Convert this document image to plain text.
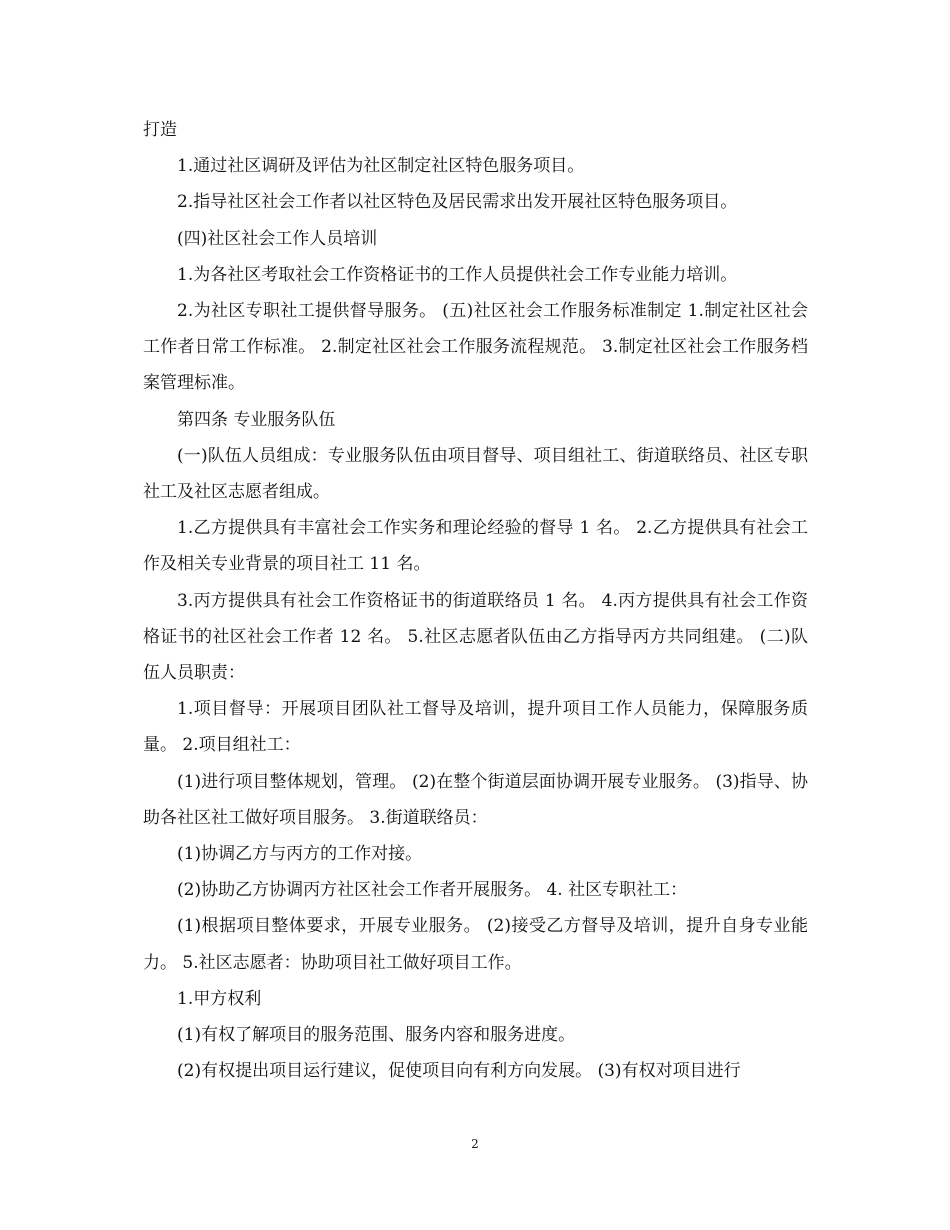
打造

1.通过社区调研及评估为社区制定社区特色服务项目。

2.指导社区社会工作者以社区特色及居民需求出发开展社区特色服务项目。

(四)社区社会工作人员培训

1.为各社区考取社会工作资格证书的工作人员提供社会工作专业能力培训。

2.为社区专职社工提供督导服务。 (五)社区社会工作服务标准制定 1.制定社区社会工作者日常工作标准。 2.制定社区社会工作服务流程规范。 3.制定社区社会工作服务档案管理标准。

第四条 专业服务队伍

(一)队伍人员组成：专业服务队伍由项目督导、项目组社工、街道联络员、社区专职社工及社区志愿者组成。

1.乙方提供具有丰富社会工作实务和理论经验的督导 1 名。 2.乙方提供具有社会工作及相关专业背景的项目社工 11 名。

3.丙方提供具有社会工作资格证书的街道联络员 1 名。 4.丙方提供具有社会工作资格证书的社区社会工作者 12 名。 5.社区志愿者队伍由乙方指导丙方共同组建。 (二)队伍人员职责：

1.项目督导：开展项目团队社工督导及培训，提升项目工作人员能力，保障服务质量。 2.项目组社工：

(1)进行项目整体规划，管理。 (2)在整个街道层面协调开展专业服务。 (3)指导、协助各社区社工做好项目服务。 3.街道联络员：

(1)协调乙方与丙方的工作对接。

(2)协助乙方协调丙方社区社会工作者开展服务。 4. 社区专职社工：

(1)根据项目整体要求，开展专业服务。 (2)接受乙方督导及培训，提升自身专业能力。 5.社区志愿者：协助项目社工做好项目工作。

1.甲方权利

(1)有权了解项目的服务范围、服务内容和服务进度。

(2)有权提出项目运行建议，促使项目向有利方向发展。 (3)有权对项目进行

2
